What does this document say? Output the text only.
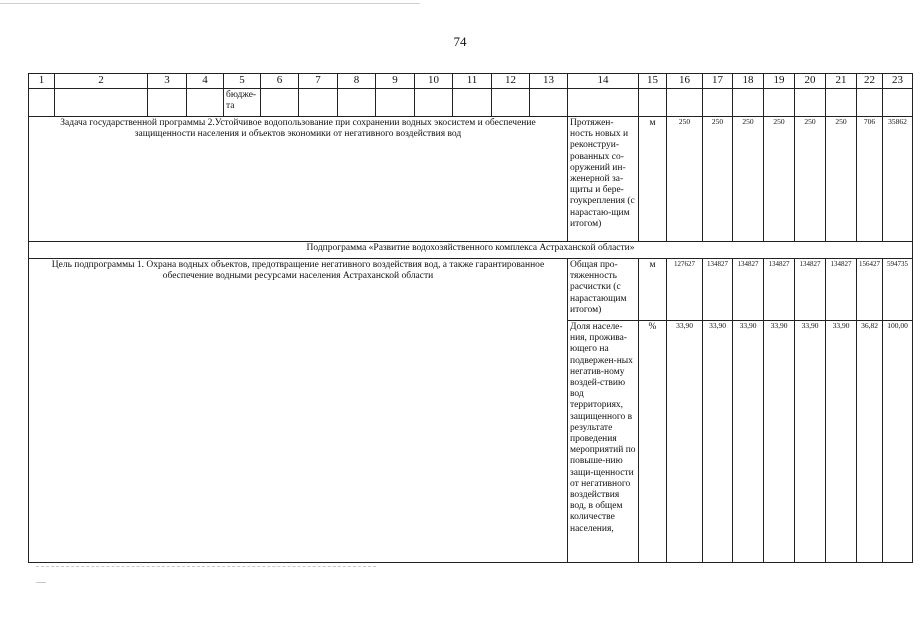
74
1	2	3	4	5	6	7	8	9	10	11	12	13	14	15	16	17	18	19	20	21	22	23
				бюдже-та																		
Задача государственной программы 2.Устойчивое водопользование при сохранении водных экосистем и обеспечение защищенности населения и объектов экономики от негативного воздействия вод													Протяжен-ность новых и реконструи-рованных со-оружений ин-женерной за-щиты и бере-гоукрепления (с нарастаю-щим итогом)	м	250	250	250	250	250	250	706	35862
Подпрограмма «Развитие водохозяйственного комплекса Астраханской области»																						
Цель подпрограммы 1. Охрана водных объектов, предотвращение негативного воздействия вод, а также гарантированное обеспечение водными ресурсами населения Астраханской области													Общая про-тяженность расчистки (с нарастающим итогом)	м	127627	134827	134827	134827	134827	134827	156427	594735
													Доля населе-ния, прожива-ющего на подвержен-ных негатив-ному воздей-ствию вод территориях, защищенного в результате проведения мероприятий по повыше-нию защи-щенности от негативного воздействия вод, в общем количестве населения,	%	33,90	33,90	33,90	33,90	33,90	33,90	36,82	100,00
